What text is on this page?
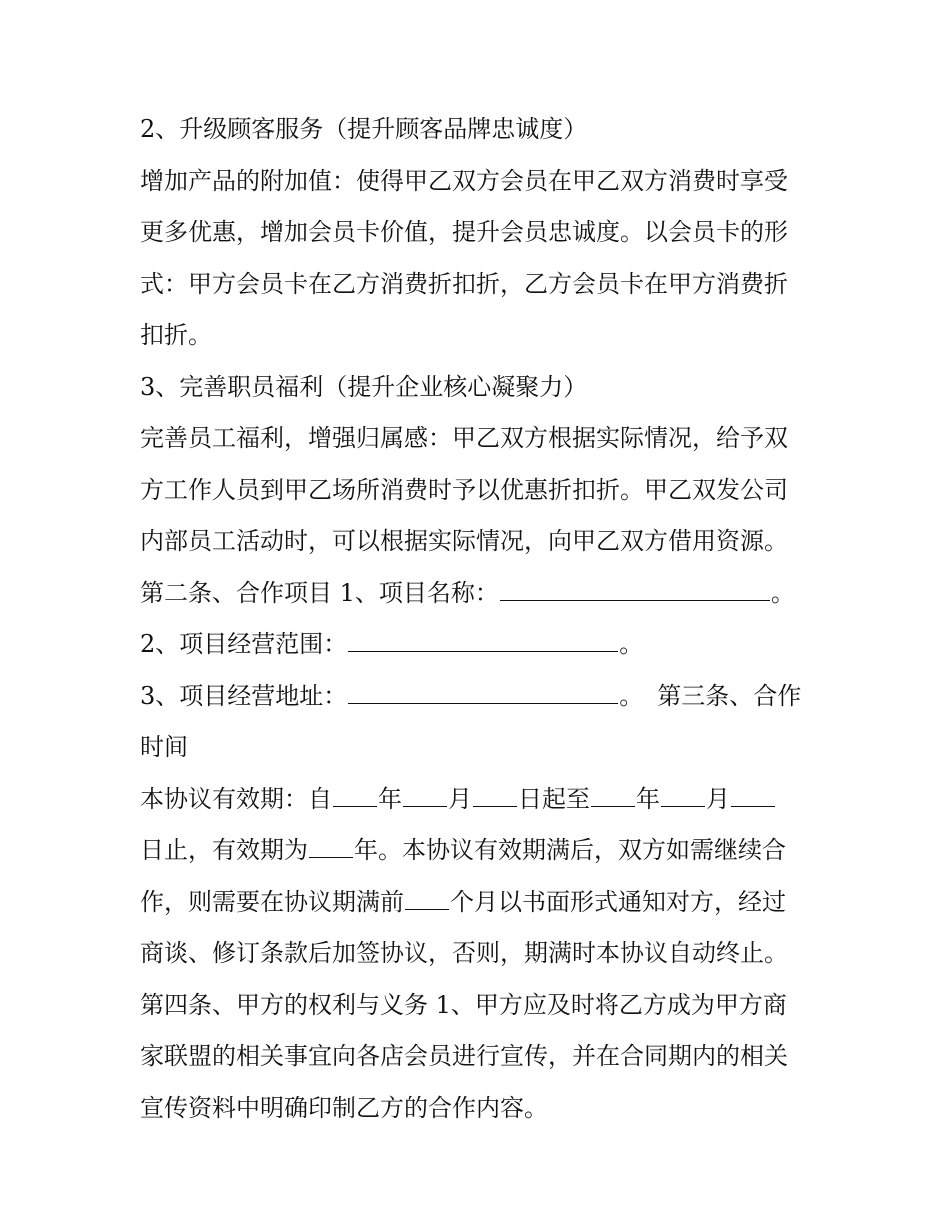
2、升级顾客服务（提升顾客品牌忠诚度）

增加产品的附加值：使得甲乙双方会员在甲乙双方消费时享受

更多优惠，增加会员卡价值，提升会员忠诚度。以会员卡的形

式：甲方会员卡在乙方消费折扣折，乙方会员卡在甲方消费折

扣折。

3、完善职员福利（提升企业核心凝聚力）

完善员工福利，增强归属感：甲乙双方根据实际情况，给予双

方工作人员到甲乙场所消费时予以优惠折扣折。甲乙双发公司

内部员工活动时，可以根据实际情况，向甲乙双方借用资源。

第二条、合作项目 1、项目名称：	。

2、项目经营范围：	。

3、项目经营地址：	。 第三条、合作

时间

本协议有效期：自 年 月 日起至 年 月

日止，有效期为 年。本协议有效期满后，双方如需继续合

作，则需要在协议期满前 个月以书面形式通知对方，经过

商谈、修订条款后加签协议，否则，期满时本协议自动终止。

第四条、甲方的权利与义务 1、甲方应及时将乙方成为甲方商

家联盟的相关事宜向各店会员进行宣传，并在合同期内的相关

宣传资料中明确印制乙方的合作内容。
